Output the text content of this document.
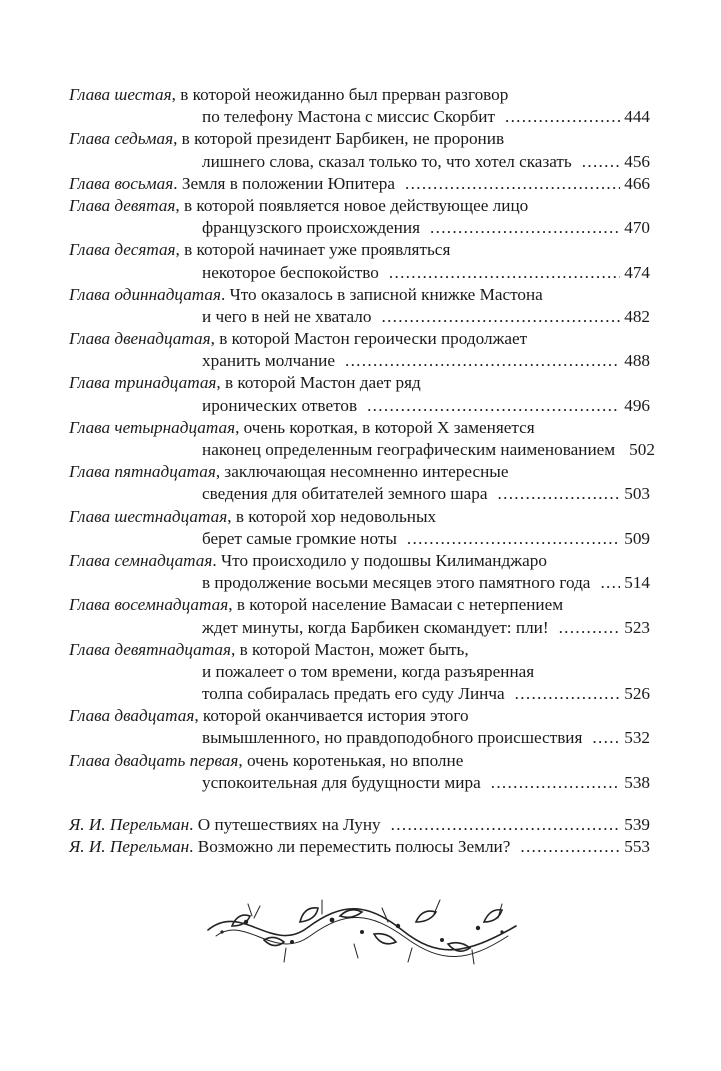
Глава шестая, в которой неожиданно был прерван разговор
по телефону Мастона с миссис Скорбит . . .	444
Глава седьмая, в которой президент Барбикен, не проронив
лишнего слова, сказал только то, что хотел сказать . . .	456
Глава восьмая. Земля в положении Юпитера . . .	466
Глава девятая, в которой появляется новое действующее лицо
французского происхождения . . .	470
Глава десятая, в которой начинает уже проявляться
некоторое беспокойство . . .	474
Глава одиннадцатая. Что оказалось в записной книжке Мастона
и чего в ней не хватало . . .	482
Глава двенадцатая, в которой Мастон героически продолжает
хранить молчание . . .	488
Глава тринадцатая, в которой Мастон дает ряд
иронических ответов . . .	496
Глава четырнадцатая, очень короткая, в которой X заменяется
наконец определенным географическим наименованием 502
Глава пятнадцатая, заключающая несомненно интересные
сведения для обитателей земного шара . . .	503
Глава шестнадцатая, в которой хор недовольных
берет самые громкие ноты . . .	509
Глава семнадцатая. Что происходило у подошвы Килиманджаро
в продолжение восьми месяцев этого памятного года . . . 514
Глава восемнадцатая, в которой население Вамасаи с нетерпением
ждет минуты, когда Барбикен скомандует: пли! . . .	523
Глава девятнадцатая, в которой Мастон, может быть,
и пожалеет о том времени, когда разъяренная
толпа собиралась предать его суду Линча . . .	526
Глава двадцатая, которой оканчивается история этого
вымышленного, но правдоподобного происшествия . . . 532
Глава двадцать первая, очень коротенькая, но вполне
успокоительная для будущности мира . . .	538
Я. И. Перельман. О путешествиях на Луну . . .	539
Я. И. Перельман. Возможно ли переместить полюсы Земли? . . .	553
